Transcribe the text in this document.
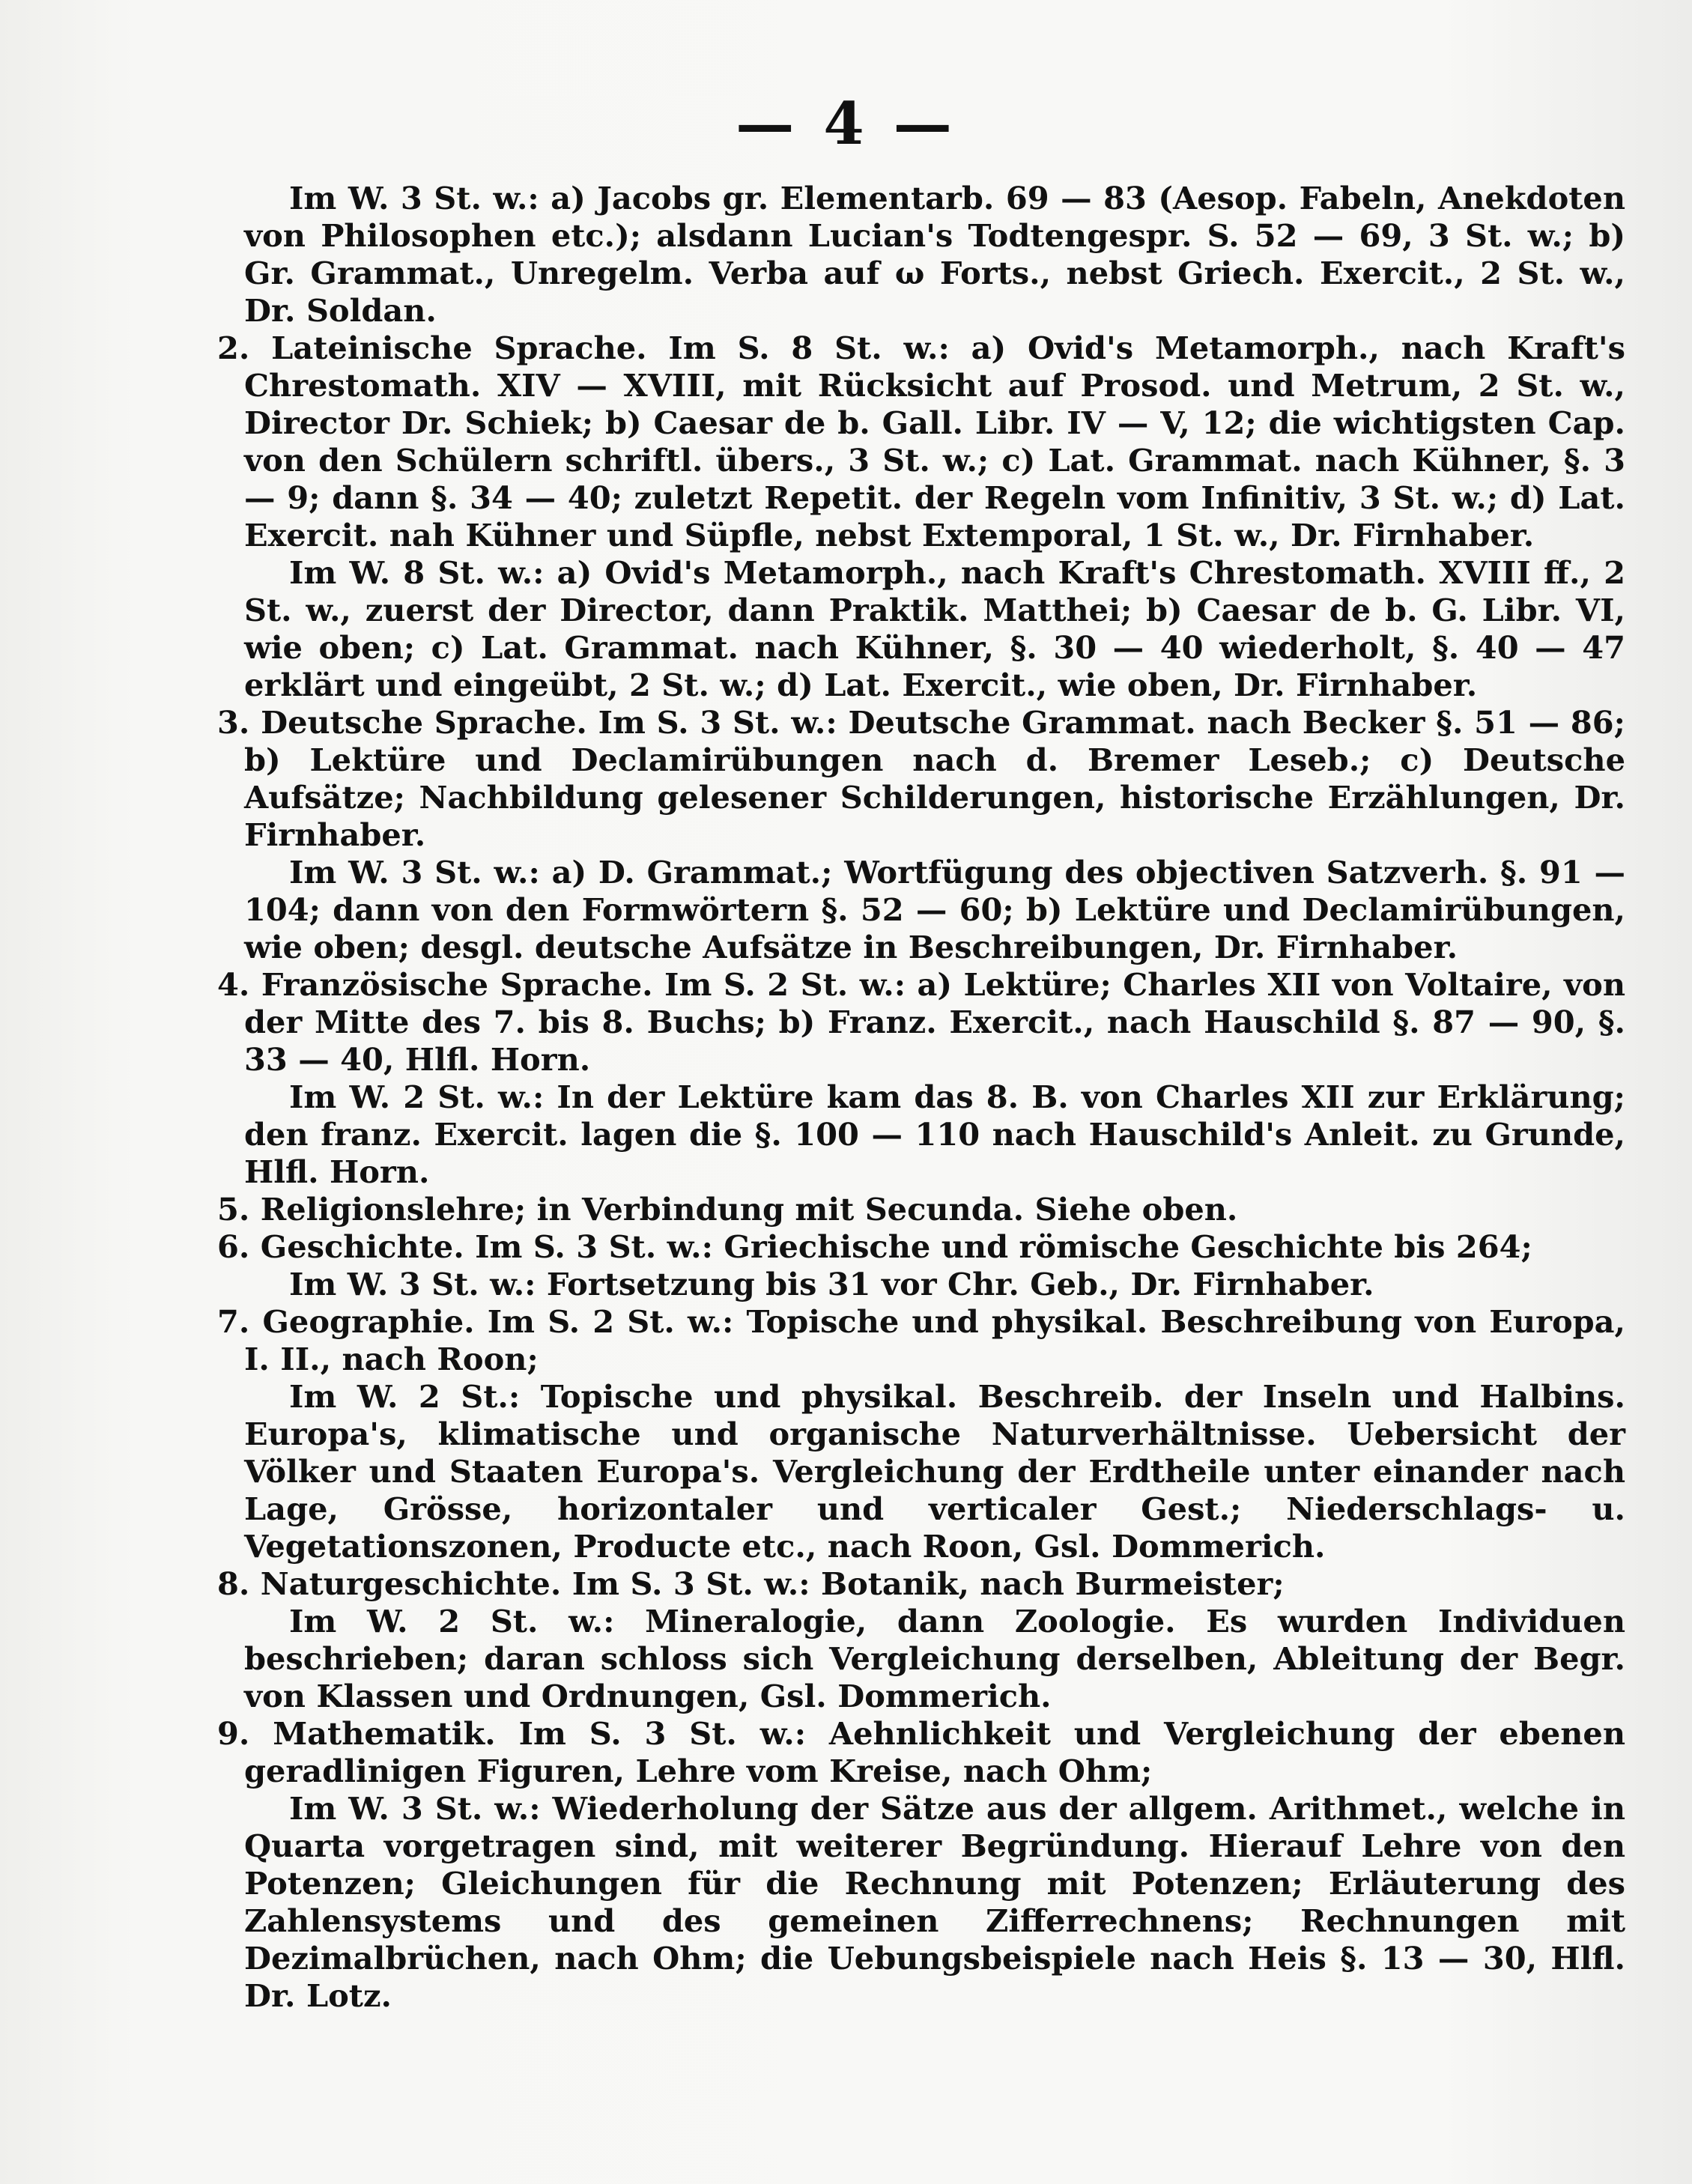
— 4 —

Im W. 3 St. w.: a) Jacobs gr. Elementarb. 69 — 83 (Aesop. Fabeln, Anekdoten von Philosophen etc.); alsdann Lucian's Todtengespr. S. 52 — 69, 3 St. w.; b) Gr. Grammat., Unregelm. Verba auf ω Forts., nebst Griech. Exercit., 2 St. w., Dr. Soldan.

2. Lateinische Sprache. Im S. 8 St. w.: a) Ovid's Metamorph., nach Kraft's Chrestomath. XIV — XVIII, mit Rücksicht auf Prosod. und Metrum, 2 St. w., Director Dr. Schiek; b) Caesar de b. Gall. Libr. IV — V, 12; die wichtigsten Cap. von den Schülern schriftl. übers., 3 St. w.; c) Lat. Grammat. nach Kühner, §. 3 — 9; dann §. 34 — 40; zuletzt Repetit. der Regeln vom Infinitiv, 3 St. w.; d) Lat. Exercit. nah Kühner und Süpfle, nebst Extemporal, 1 St. w., Dr. Firnhaber.

Im W. 8 St. w.: a) Ovid's Metamorph., nach Kraft's Chrestomath. XVIII ff., 2 St. w., zuerst der Director, dann Praktik. Matthei; b) Caesar de b. G. Libr. VI, wie oben; c) Lat. Grammat. nach Kühner, §. 30 — 40 wiederholt, §. 40 — 47 erklärt und eingeübt, 2 St. w.; d) Lat. Exercit., wie oben, Dr. Firnhaber.

3. Deutsche Sprache. Im S. 3 St. w.: Deutsche Grammat. nach Becker §. 51 — 86; b) Lektüre und Declamirübungen nach d. Bremer Leseb.; c) Deutsche Aufsätze; Nachbildung gelesener Schilderungen, historische Erzählungen, Dr. Firnhaber.

Im W. 3 St. w.: a) D. Grammat.; Wortfügung des objectiven Satzverh. §. 91 — 104; dann von den Formwörtern §. 52 — 60; b) Lektüre und Declamirübungen, wie oben; desgl. deutsche Aufsätze in Beschreibungen, Dr. Firnhaber.

4. Französische Sprache. Im S. 2 St. w.: a) Lektüre; Charles XII von Voltaire, von der Mitte des 7. bis 8. Buchs; b) Franz. Exercit., nach Hauschild §. 87 — 90, §. 33 — 40, Hlfl. Horn.

Im W. 2 St. w.: In der Lektüre kam das 8. B. von Charles XII zur Erklärung; den franz. Exercit. lagen die §. 100 — 110 nach Hauschild's Anleit. zu Grunde, Hlfl. Horn.

5. Religionslehre; in Verbindung mit Secunda. Siehe oben.

6. Geschichte. Im S. 3 St. w.: Griechische und römische Geschichte bis 264;

Im W. 3 St. w.: Fortsetzung bis 31 vor Chr. Geb., Dr. Firnhaber.

7. Geographie. Im S. 2 St. w.: Topische und physikal. Beschreibung von Europa, I. II., nach Roon;

Im W. 2 St.: Topische und physikal. Beschreib. der Inseln und Halbins. Europa's, klimatische und organische Naturverhältnisse. Uebersicht der Völker und Staaten Europa's. Vergleichung der Erdtheile unter einander nach Lage, Grösse, horizontaler und verticaler Gest.; Niederschlags- u. Vegetationszonen, Producte etc., nach Roon, Gsl. Dommerich.

8. Naturgeschichte. Im S. 3 St. w.: Botanik, nach Burmeister;

Im W. 2 St. w.: Mineralogie, dann Zoologie. Es wurden Individuen beschrieben; daran schloss sich Vergleichung derselben, Ableitung der Begr. von Klassen und Ordnungen, Gsl. Dommerich.

9. Mathematik. Im S. 3 St. w.: Aehnlichkeit und Vergleichung der ebenen geradlinigen Figuren, Lehre vom Kreise, nach Ohm;

Im W. 3 St. w.: Wiederholung der Sätze aus der allgem. Arithmet., welche in Quarta vorgetragen sind, mit weiterer Begründung. Hierauf Lehre von den Potenzen; Gleichungen für die Rechnung mit Potenzen; Erläuterung des Zahlensystems und des gemeinen Zifferrechnens; Rechnungen mit Dezimalbrüchen, nach Ohm; die Uebungsbeispiele nach Heis §. 13 — 30, Hlfl. Dr. Lotz.
